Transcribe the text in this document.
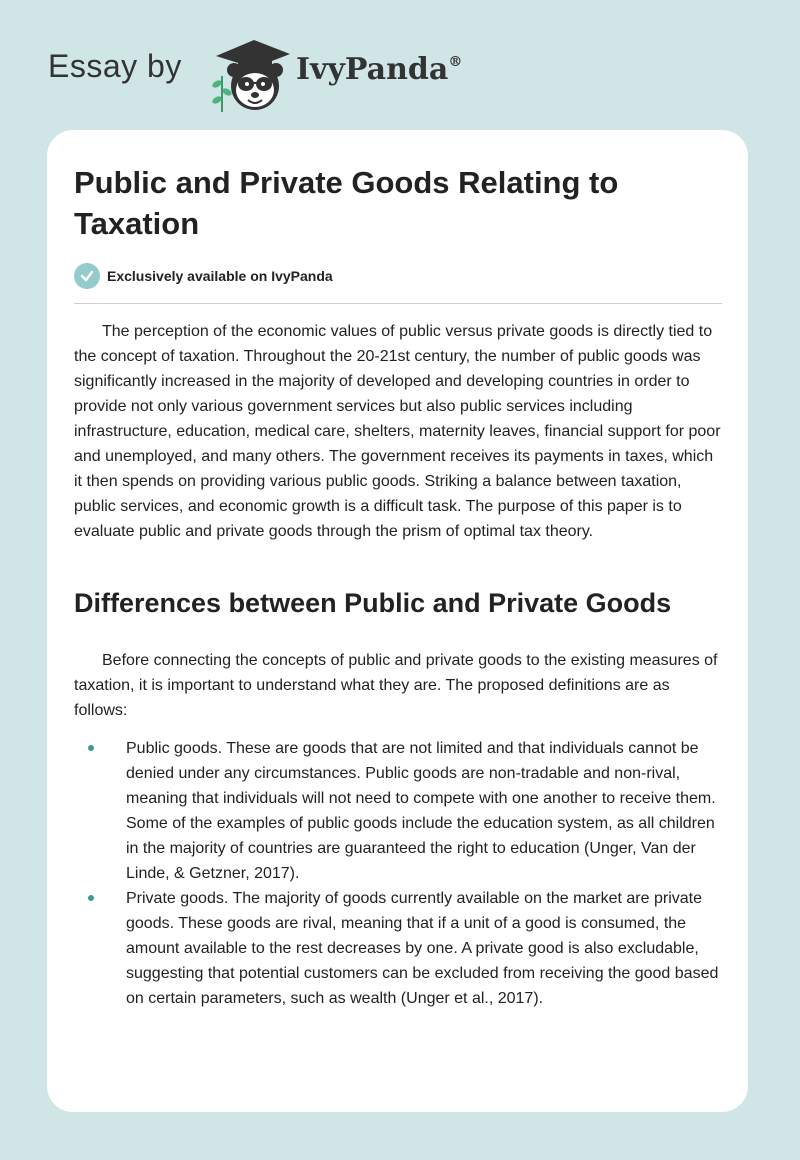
Essay by	IvyPanda®
Public and Private Goods Relating to Taxation
Exclusively available on IvyPanda

The perception of the economic values of public versus private goods is directly tied to the concept of taxation. Throughout the 20-21st century, the number of public goods was significantly increased in the majority of developed and developing countries in order to provide not only various government services but also public services including infrastructure, education, medical care, shelters, maternity leaves, financial support for poor and unemployed, and many others. The government receives its payments in taxes, which it then spends on providing various public goods. Striking a balance between taxation, public services, and economic growth is a difficult task. The purpose of this paper is to evaluate public and private goods through the prism of optimal tax theory.

Differences between Public and Private Goods

Before connecting the concepts of public and private goods to the existing measures of taxation, it is important to understand what they are. The proposed definitions are as follows:

Public goods. These are goods that are not limited and that individuals cannot be denied under any circumstances. Public goods are non-tradable and non-rival, meaning that individuals will not need to compete with one another to receive them. Some of the examples of public goods include the education system, as all children in the majority of countries are guaranteed the right to education (Unger, Van der Linde, & Getzner, 2017).
Private goods. The majority of goods currently available on the market are private goods. These goods are rival, meaning that if a unit of a good is consumed, the amount available to the rest decreases by one. A private good is also excludable, suggesting that potential customers can be excluded from receiving the good based on certain parameters, such as wealth (Unger et al., 2017).
